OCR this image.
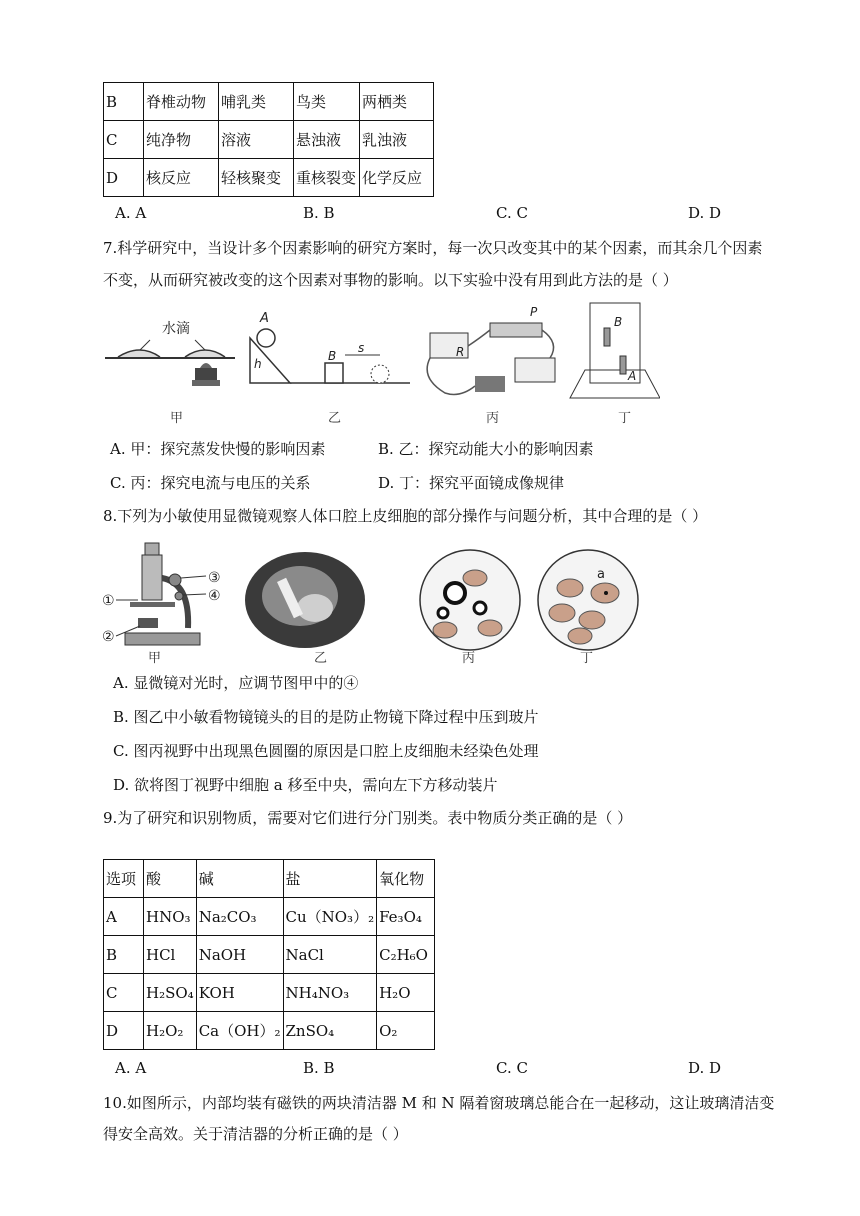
B	脊椎动物	哺乳类	鸟类	两栖类
C	纯净物	溶液	悬浊液	乳浊液
D	核反应	轻核聚变	重核裂变	化学反应
A. A	B. B	C. C	D. D
7.科学研究中，当设计多个因素影响的研究方案时，每一次只改变其中的某个因素，而其余几个因素
不变，从而研究被改变的这个因素对事物的影响。以下实验中没有用到此方法的是（ ）
水滴
甲
A
h
B
s
乙
P
R
丙
B
A
丁
A. 甲：探究蒸发快慢的影响因素	B. 乙：探究动能大小的影响因素
C. 丙：探究电流与电压的关系	D. 丁：探究平面镜成像规律
8.下列为小敏使用显微镜观察人体口腔上皮细胞的部分操作与问题分析，其中合理的是（ ）
①
②
③
④
甲	乙	丙
a
丁
A. 显微镜对光时，应调节图甲中的④
B. 图乙中小敏看物镜镜头的目的是防止物镜下降过程中压到玻片
C. 图丙视野中出现黑色圆圈的原因是口腔上皮细胞未经染色处理
D. 欲将图丁视野中细胞 a 移至中央，需向左下方移动装片
9.为了研究和识别物质，需要对它们进行分门别类。表中物质分类正确的是（ ）
选项	酸	碱	盐	氧化物
A	HNO₃	Na₂CO₃	Cu（NO₃）₂	Fe₃O₄
B	HCl	NaOH	NaCl	C₂H₆O
C	H₂SO₄	KOH	NH₄NO₃	H₂O
D	H₂O₂	Ca（OH）₂	ZnSO₄	O₂
A. A	B. B	C. C	D. D
10.如图所示，内部均装有磁铁的两块清洁器 M 和 N 隔着窗玻璃总能合在一起移动，这让玻璃清洁变
得安全高效。关于清洁器的分析正确的是（ ）
